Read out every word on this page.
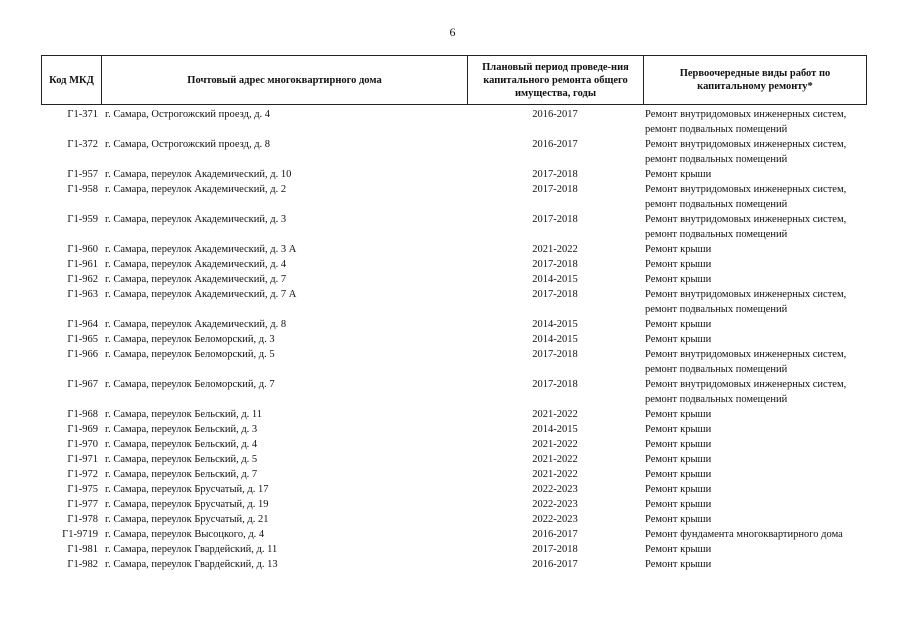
6
Код МКД	Почтовый адрес многоквартирного дома
Плановый период проведе-ния капитального ремонта общего имущества, годы
Первоочередные виды работ по капитальному ремонту*
Г1-371 г. Самара, Острогожский проезд, д. 4	2016-2017	Ремонт внутридомовых инженерных систем,
ремонт подвальных помещений
Г1-372 г. Самара, Острогожский проезд, д. 8	2016-2017	Ремонт внутридомовых инженерных систем,
ремонт подвальных помещений
Г1-957 г. Самара, переулок Академический, д. 10	2017-2018	Ремонт крыши
Г1-958 г. Самара, переулок Академический, д. 2	2017-2018	Ремонт внутридомовых инженерных систем,
ремонт подвальных помещений
Г1-959 г. Самара, переулок Академический, д. 3	2017-2018	Ремонт внутридомовых инженерных систем,
ремонт подвальных помещений
Г1-960 г. Самара, переулок Академический, д. 3 А	2021-2022	Ремонт крыши
Г1-961 г. Самара, переулок Академический, д. 4	2017-2018	Ремонт крыши
Г1-962 г. Самара, переулок Академический, д. 7	2014-2015	Ремонт крыши
Г1-963 г. Самара, переулок Академический, д. 7 А	2017-2018	Ремонт внутридомовых инженерных систем,
ремонт подвальных помещений
Г1-964 г. Самара, переулок Академический, д. 8	2014-2015	Ремонт крыши
Г1-965 г. Самара, переулок Беломорский, д. 3	2014-2015	Ремонт крыши
Г1-966 г. Самара, переулок Беломорский, д. 5	2017-2018	Ремонт внутридомовых инженерных систем,
ремонт подвальных помещений
Г1-967 г. Самара, переулок Беломорский, д. 7	2017-2018	Ремонт внутридомовых инженерных систем,
ремонт подвальных помещений
Г1-968 г. Самара, переулок Бельский, д. 11	2021-2022	Ремонт крыши
Г1-969 г. Самара, переулок Бельский, д. 3	2014-2015	Ремонт крыши
Г1-970 г. Самара, переулок Бельский, д. 4	2021-2022	Ремонт крыши
Г1-971 г. Самара, переулок Бельский, д. 5	2021-2022	Ремонт крыши
Г1-972 г. Самара, переулок Бельский, д. 7	2021-2022	Ремонт крыши
Г1-975 г. Самара, переулок Брусчатый, д. 17	2022-2023	Ремонт крыши
Г1-977 г. Самара, переулок Брусчатый, д. 19	2022-2023	Ремонт крыши
Г1-978 г. Самара, переулок Брусчатый, д. 21	2022-2023	Ремонт крыши
Г1-9719 г. Самара, переулок Высоцкого, д. 4	2016-2017	Ремонт фундамента многоквартирного дома
Г1-981 г. Самара, переулок Гвардейский, д. 11	2017-2018	Ремонт крыши
Г1-982 г. Самара, переулок Гвардейский, д. 13	2016-2017	Ремонт крыши
